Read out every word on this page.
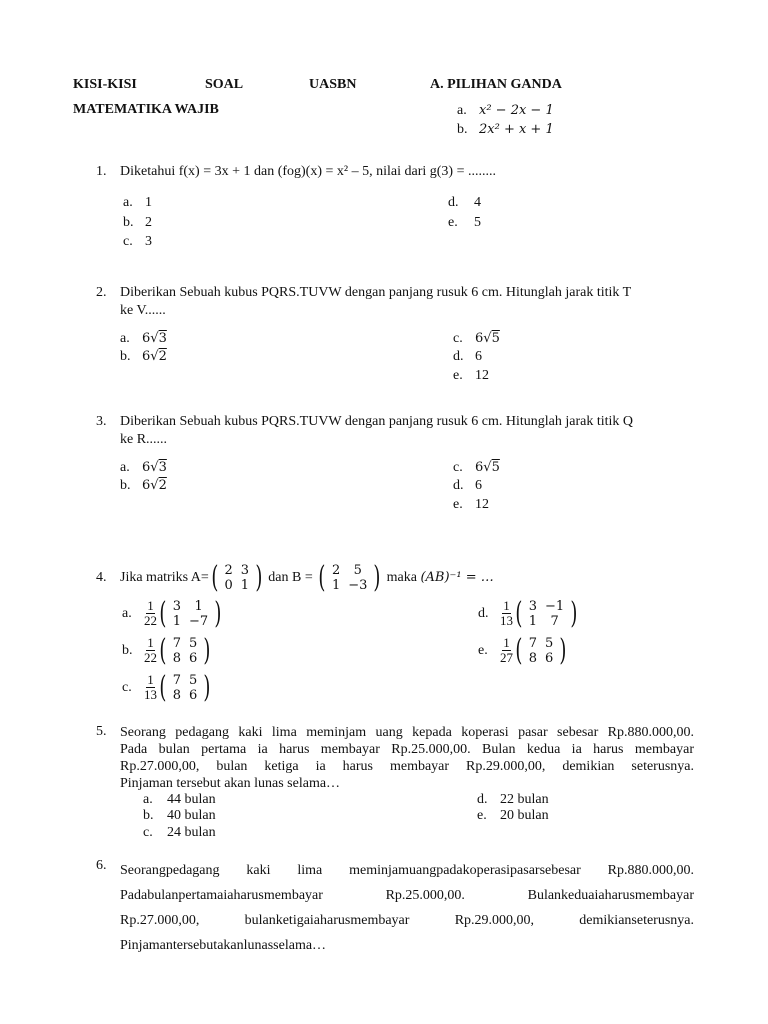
KISI-KISI	SOAL	UASBN	A. PILIHAN GANDA
MATEMATIKA WAJIB	a. x² − 2x − 1
b. 2x² + x + 1
1. Diketahui f(x) = 3x + 1 dan (fog)(x) = x² – 5, nilai dari g(3) = ........
a. 1
b. 2
c. 3
d. 4
e. 5
2. Diberikan Sebuah kubus PQRS.TUVW dengan panjang rusuk 6 cm. Hitunglah jarak titik T
ke V......
a. 6√3
b. 6√2
c. 6√5
d. 6
e. 12
3. Diberikan Sebuah kubus PQRS.TUVW dengan panjang rusuk 6 cm. Hitunglah jarak titik Q
ke R......
a. 6√3
b. 6√2
c. 6√5
d. 6
e. 12
4. Jika matriks A= ( 2	3
0	1 ) dan B = ( 2	5
1	−3 ) maka (AB)⁻¹ = …
a. $\frac{1}{22}$ ( 3	1
1	−7 )
b. $\frac{1}{22}$ ( 7	5
8	6 )
c. $\frac{1}{13}$ ( 7	5
8	6 )
d. $\frac{1}{13}$ ( 3	−1
1	7 )
e. $\frac{1}{27}$ ( 7	5
8	6 )
5. Seorang pedagang kaki lima meminjam uang kepada koperasi pasar sebesar Rp.880.000,00.
Pada bulan pertama ia harus membayar Rp.25.000,00. Bulan kedua ia harus membayar
Rp.27.000,00, bulan ketiga ia harus membayar Rp.29.000,00, demikian seterusnya.
Pinjaman tersebut akan lunas selama…
a. 44 bulan
b. 40 bulan
c. 24 bulan
d. 22 bulan
e. 20 bulan
6. Seorangpedagang kaki lima meminjamuangpadakoperasipasarsebesar Rp.880.000,00.
Padabulanpertamaiaharusmembayar Rp.25.000,00. Bulankeduaiaharusmembayar
Rp.27.000,00, bulanketigaiaharusmembayar Rp.29.000,00, demikianseterusnya.
Pinjamantersebutakanlunasselama…
